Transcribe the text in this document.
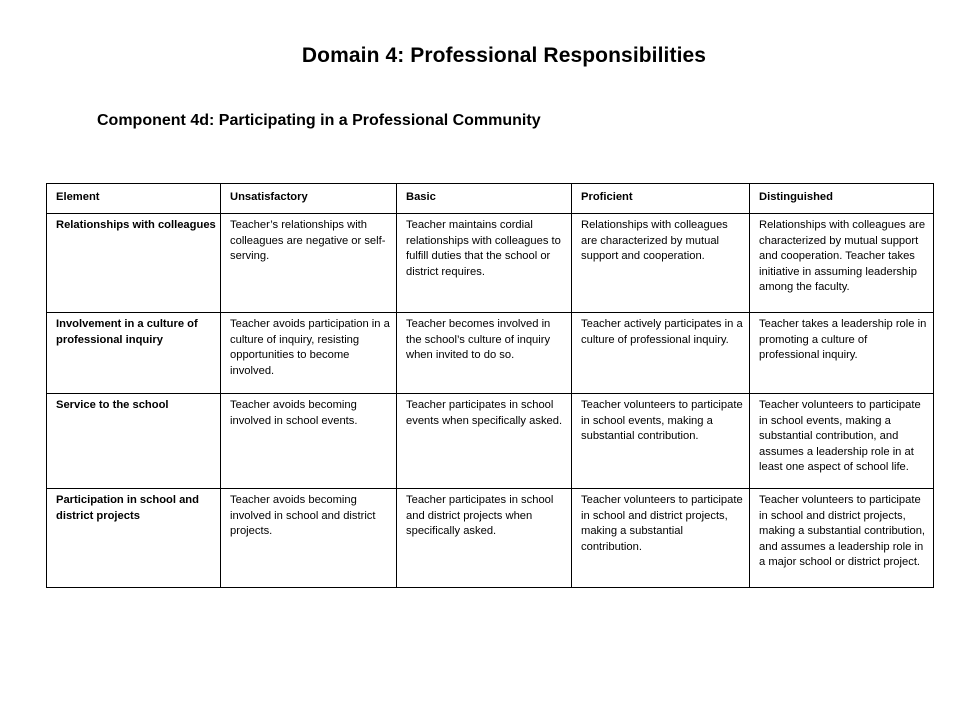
Domain 4: Professional Responsibilities
Component 4d: Participating in a Professional Community
Element	Unsatisfactory	Basic	Proficient	Distinguished
Relationships with colleagues	Teacher’s relationships with colleagues are negative or self-serving.	Teacher maintains cordial relationships with colleagues to fulfill duties that the school or district requires.	Relationships with colleagues are characterized by mutual support and cooperation.	Relationships with colleagues are characterized by mutual support and cooperation. Teacher takes initiative in assuming leadership among the faculty.
Involvement in a culture of professional inquiry	Teacher avoids participation in a culture of inquiry, resisting opportunities to become involved.	Teacher becomes involved in the school’s culture of inquiry when invited to do so.	Teacher actively participates in a culture of professional inquiry.	Teacher takes a leadership role in promoting a culture of professional inquiry.
Service to the school	Teacher avoids becoming involved in school events.	Teacher participates in school events when specifically asked.	Teacher volunteers to participate in school events, making a substantial contribution.	Teacher volunteers to participate in school events, making a substantial contribution, and assumes a leadership role in at least one aspect of school life.
Participation in school and district projects	Teacher avoids becoming involved in school and district projects.	Teacher participates in school and district projects when specifically asked.	Teacher volunteers to participate in school and district projects, making a substantial contribution.	Teacher volunteers to participate in school and district projects, making a substantial contribution, and assumes a leadership role in a major school or district project.
